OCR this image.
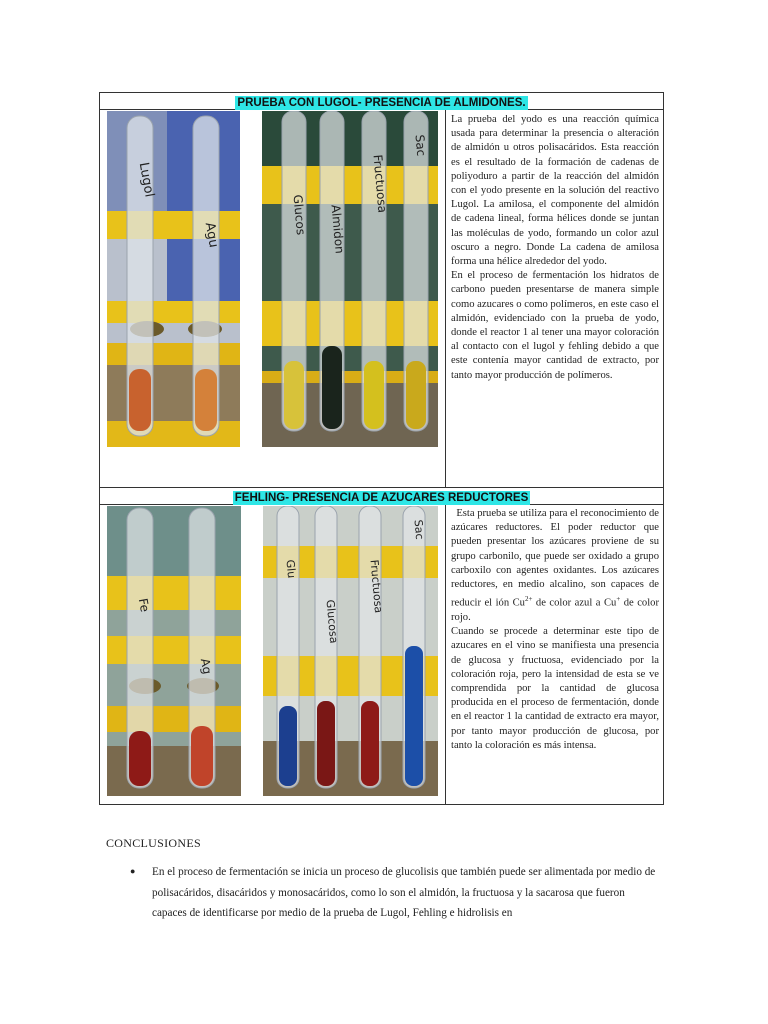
PRUEBA CON LUGOL- PRESENCIA DE ALMIDONES.
Lugol
Agu	Glucos Almidon
Fructuosa
Sac

La prueba del yodo es una reacción química usada para determinar la presencia o alteración de almidón u otros polisacáridos. Esta reacción es el resultado de la formación de cadenas de poliyoduro a partir de la reacción del almidón con el yodo presente en la solución del reactivo Lugol. La amilosa, el componente del almidón de cadena lineal, forma hélices donde se juntan las moléculas de yodo, formando un color azul oscuro a negro. Donde La cadena de amilosa forma una hélice alrededor del yodo.

En el proceso de fermentación los hidratos de carbono pueden presentarse de manera simple como azucares o como polímeros, en este caso el almidón, evidenciado con la prueba de yodo, donde el reactor 1 al tener una mayor coloración al contacto con el lugol y fehling debido a que este contenía mayor cantidad de extracto, por tanto mayor producción de polímeros.

FEHLING- PRESENCIA DE AZUCARES REDUCTORES
Fe
Ag
Glu
Glucosa
Fructuosa
Sac

Esta prueba se utiliza para el reconocimiento de azúcares reductores. El poder reductor que pueden presentar los azúcares proviene de su grupo carbonilo, que puede ser oxidado a grupo carboxilo con agentes oxidantes. Los azúcares reductores, en medio alcalino, son capaces de reducir el ión $Cu^{2+}$ de color azul a Cu+ de color rojo.

Cuando se procede a determinar este tipo de azucares en el vino se manifiesta una presencia de glucosa y fructuosa, evidenciado por la coloración roja, pero la intensidad de esta se ve comprendida por la cantidad de glucosa producida en el proceso de fermentación, donde en el reactor 1 la cantidad de extracto era mayor, por tanto mayor producción de glucosa, por tanto la coloración es más intensa.

CONCLUSIONES
● En el proceso de fermentación se inicia un proceso de glucolisis que también puede ser alimentada por medio de polisacáridos, disacáridos y monosacáridos, como lo son el almidón, la fructuosa y la sacarosa que fueron capaces de identificarse por medio de la prueba de Lugol, Fehling e hidrolisis en
